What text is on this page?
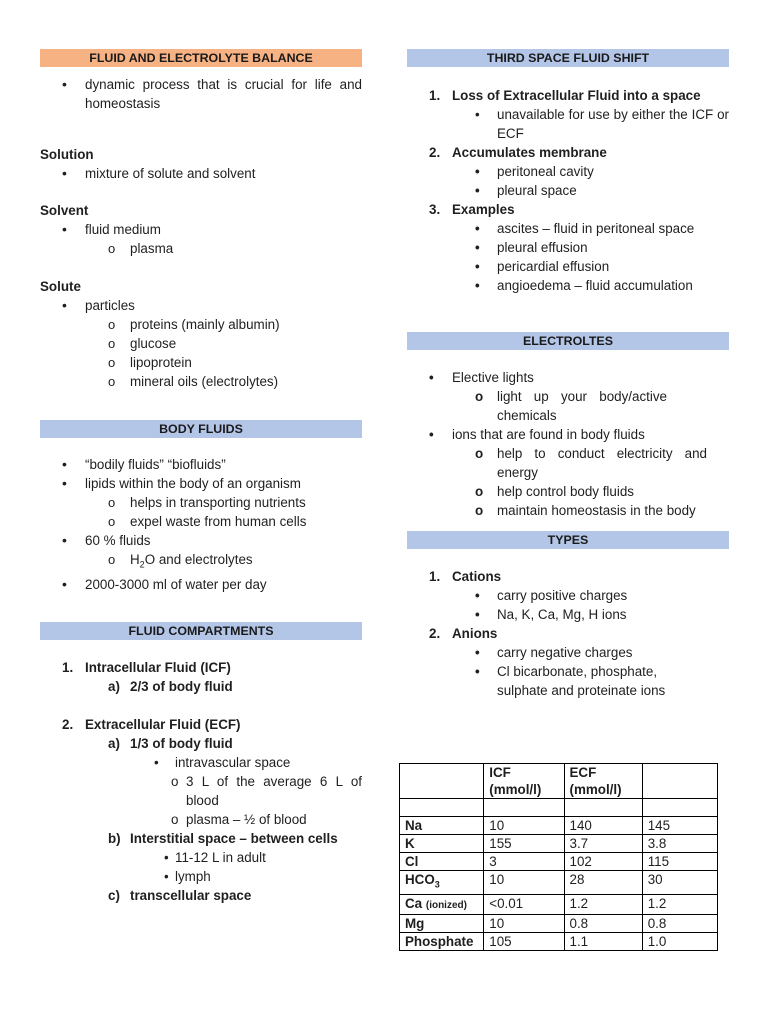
FLUID AND ELECTROLYTE BALANCE
• dynamic process that is crucial for life and homeostasis
Solution
• mixture of solute and solvent
Solvent
• fluid medium
o plasma
Solute
• particles
o proteins (mainly albumin)
o glucose
o lipoprotein
o mineral oils (electrolytes)
BODY FLUIDS
• “bodily fluids” “biofluids”
• lipids within the body of an organism
o helps in transporting nutrients
o expel waste from human cells
• 60 % fluids
o $H_2O$ and electrolytes
• 2000-3000 ml of water per day
FLUID COMPARTMENTS
1. Intracellular Fluid (ICF)
a) 2/3 of body fluid
2. Extracellular Fluid (ECF)
a) 1/3 of body fluid
• intravascular space
o 3 L of the average 6 L of blood
o plasma – ½ of blood
b) Interstitial space – between cells
• 11-12 L in adult
• lymph
c) transcellular space
THIRD SPACE FLUID SHIFT
1. Loss of Extracellular Fluid into a space
• unavailable for use by either the ICF or ECF
2. Accumulates membrane
• peritoneal cavity
• pleural space
3. Examples
• ascites – fluid in peritoneal space
• pleural effusion
• pericardial effusion
• angioedema – fluid accumulation
ELECTROLTES
• Elective lights
o light up your body/active chemicals
• ions that are found in body fluids
o help to conduct electricity and energy
o help control body fluids
o maintain homeostasis in the body
TYPES
1. Cations
• carry positive charges
• Na, K, Ca, Mg, H ions
2. Anions
• carry negative charges
• Cl bicarbonate, phosphate, sulphate and proteinate ions
	ICF (mmol/l)	ECF (mmol/l)	

Na	10	140	145
K	155	3.7	3.8
Cl	3	102	115
$HCO_3$	10	28	30
Ca (ionized)	<0.01	1.2	1.2
Mg	10	0.8	0.8
Phosphate	105	1.1	1.0
